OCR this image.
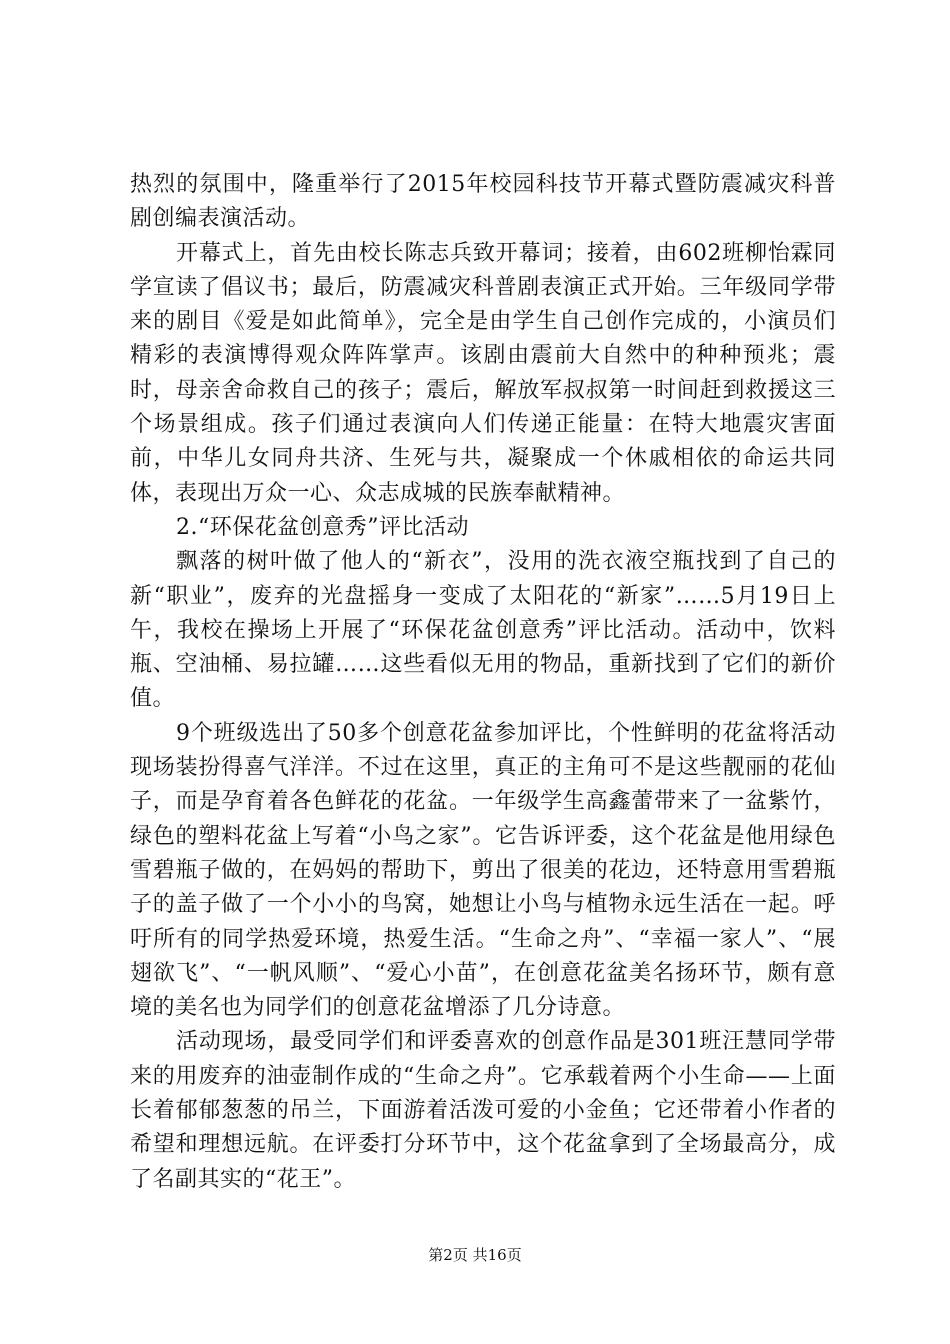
热烈的氛围中，隆重举行了2015年校园科技节开幕式暨防震减灾科普剧创编表演活动。

开幕式上，首先由校长陈志兵致开幕词；接着，由602班柳怡霖同学宣读了倡议书；最后，防震减灾科普剧表演正式开始。三年级同学带来的剧目《爱是如此简单》，完全是由学生自己创作完成的，小演员们精彩的表演博得观众阵阵掌声。该剧由震前大自然中的种种预兆；震时，母亲舍命救自己的孩子；震后，解放军叔叔第一时间赶到救援这三个场景组成。孩子们通过表演向人们传递正能量：在特大地震灾害面前，中华儿女同舟共济、生死与共，凝聚成一个休戚相依的命运共同体，表现出万众一心、众志成城的民族奉献精神。

2.“环保花盆创意秀”评比活动

飘落的树叶做了他人的“新衣”，没用的洗衣液空瓶找到了自己的新“职业”，废弃的光盘摇身一变成了太阳花的“新家”……5月19日上午，我校在操场上开展了“环保花盆创意秀”评比活动。活动中，饮料瓶、空油桶、易拉罐……这些看似无用的物品，重新找到了它们的新价值。

9个班级选出了50多个创意花盆参加评比，个性鲜明的花盆将活动现场装扮得喜气洋洋。不过在这里，真正的主角可不是这些靓丽的花仙子，而是孕育着各色鲜花的花盆。一年级学生高鑫蕾带来了一盆紫竹，绿色的塑料花盆上写着“小鸟之家”。它告诉评委，这个花盆是他用绿色雪碧瓶子做的，在妈妈的帮助下，剪出了很美的花边，还特意用雪碧瓶子的盖子做了一个小小的鸟窝，她想让小鸟与植物永远生活在一起。呼吁所有的同学热爱环境，热爱生活。“生命之舟”、“幸福一家人”、“展翅欲飞”、“一帆风顺”、“爱心小苗”，在创意花盆美名扬环节，颇有意境的美名也为同学们的创意花盆增添了几分诗意。

活动现场，最受同学们和评委喜欢的创意作品是301班汪慧同学带来的用废弃的油壶制作成的“生命之舟”。它承载着两个小生命——上面长着郁郁葱葱的吊兰，下面游着活泼可爱的小金鱼；它还带着小作者的希望和理想远航。在评委打分环节中，这个花盆拿到了全场最高分，成了名副其实的“花王”。

第2页 共16页
